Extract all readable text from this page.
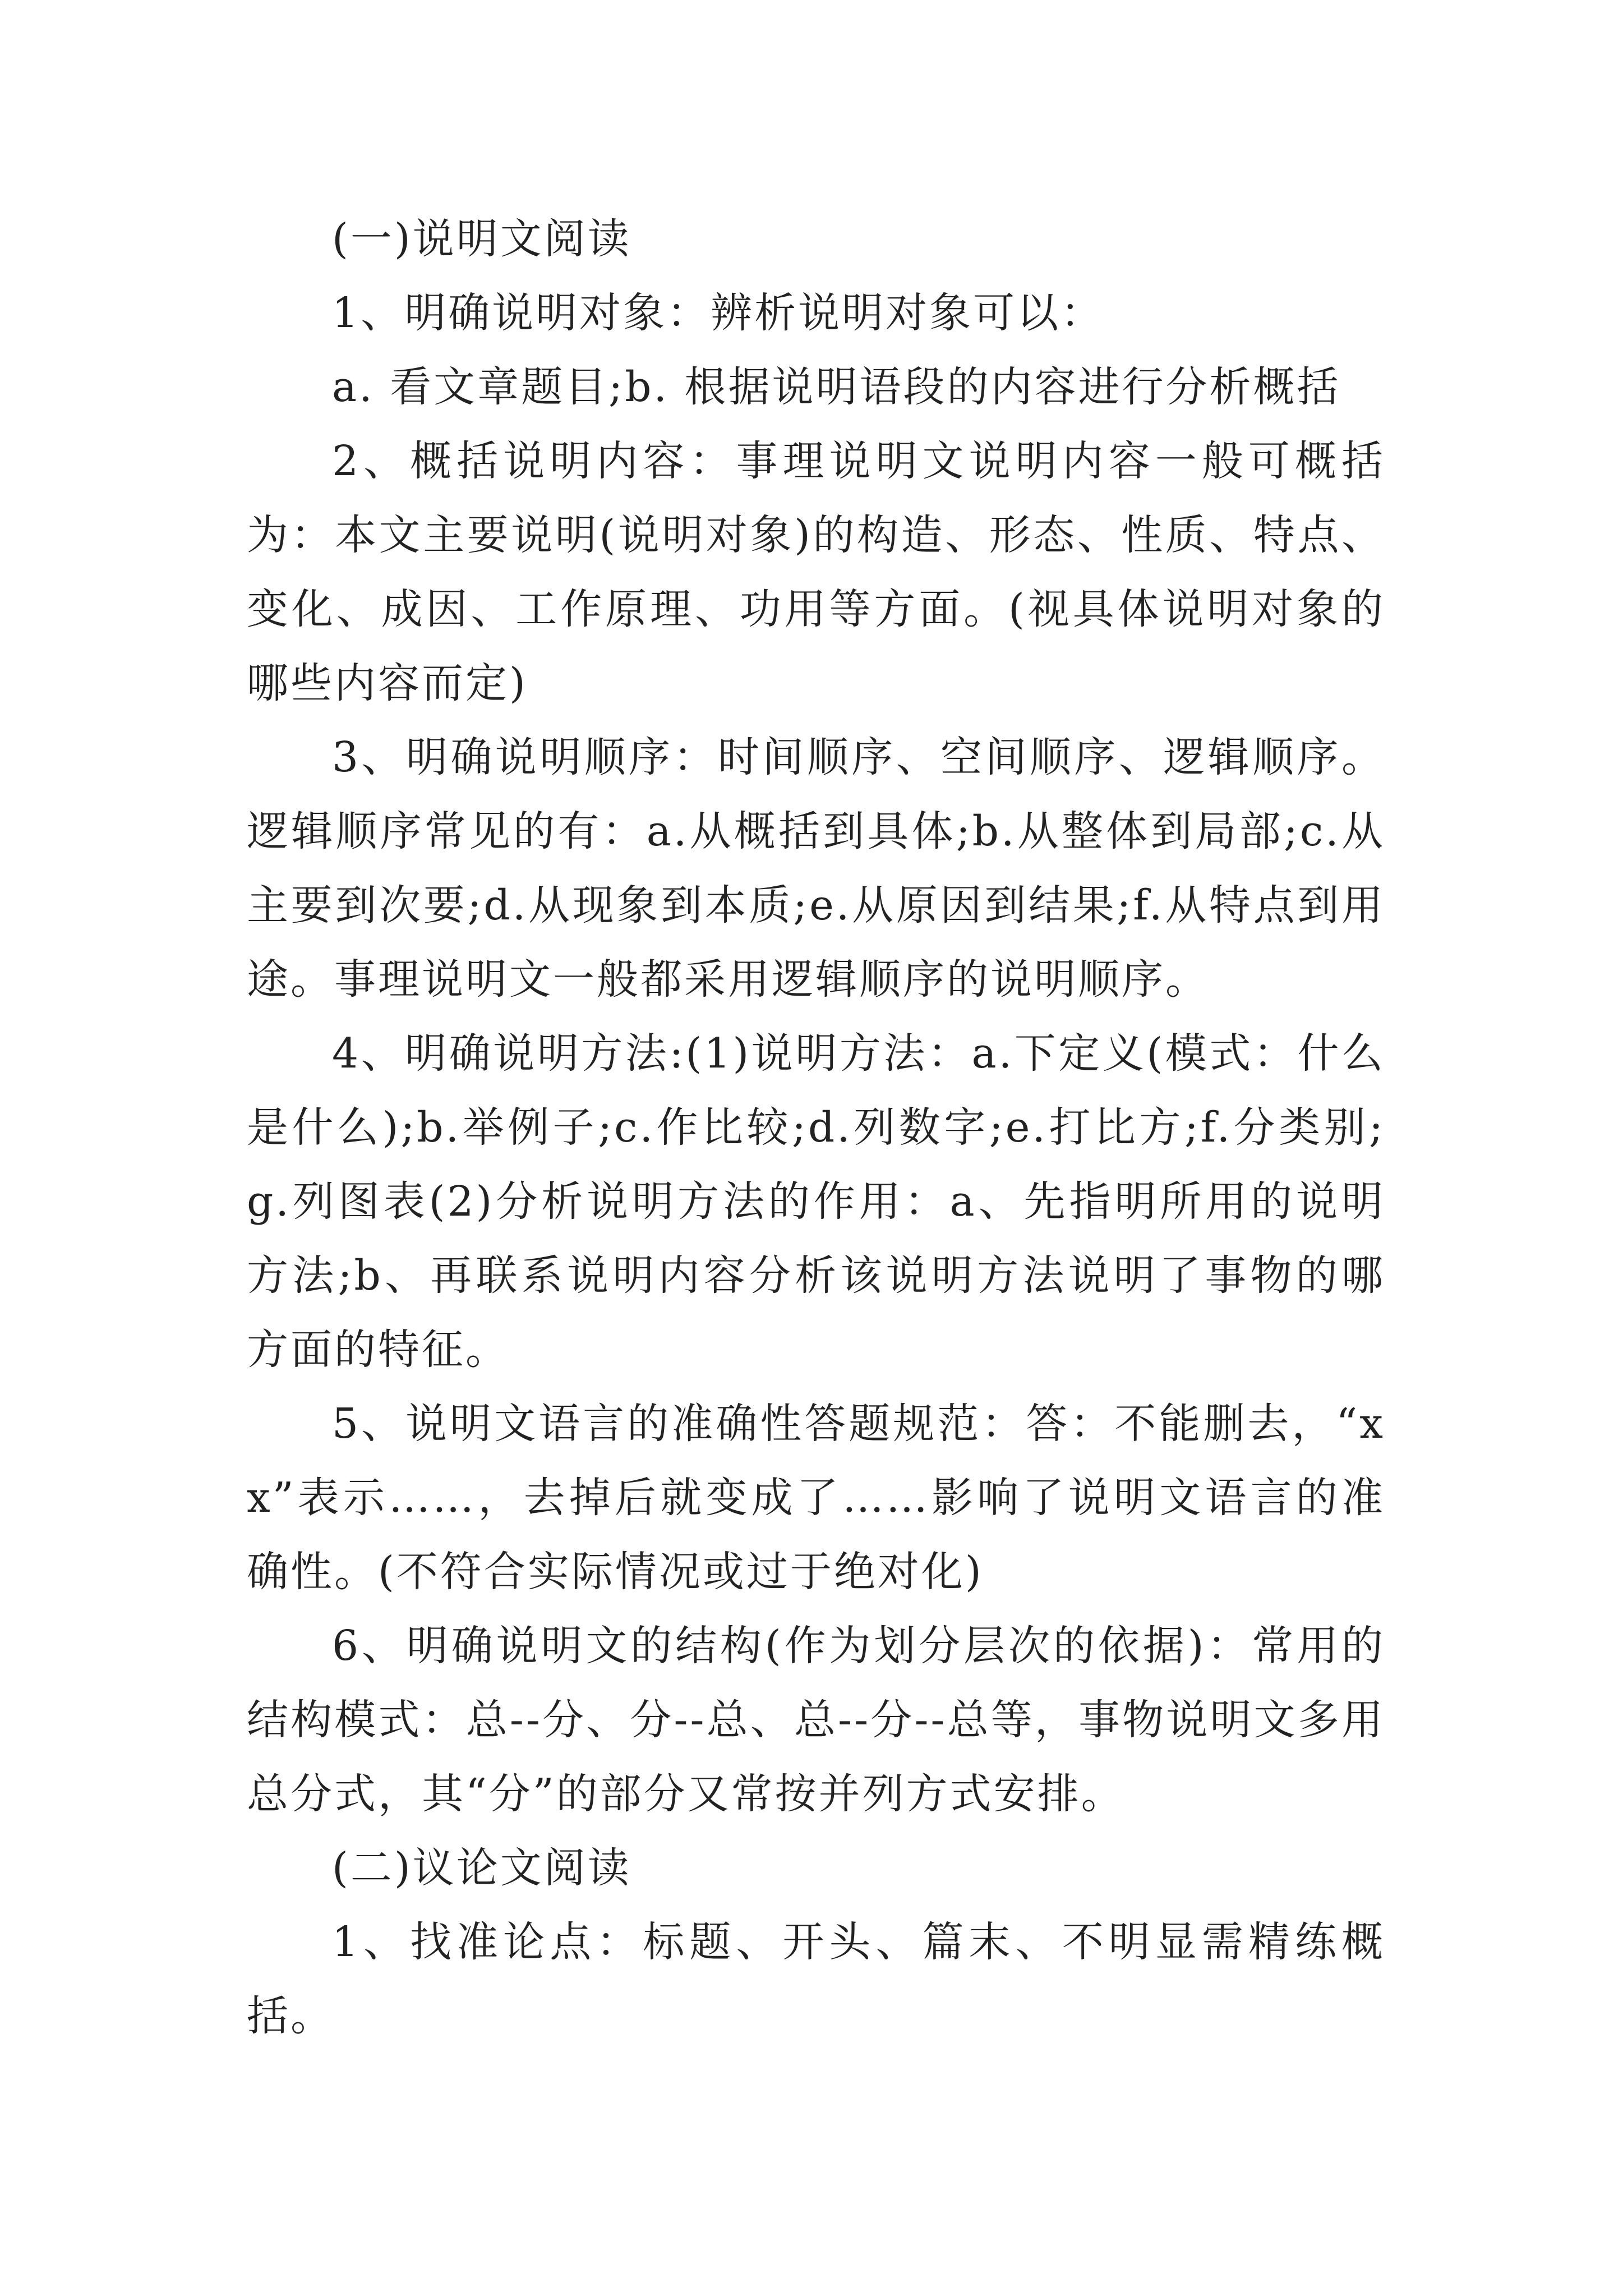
(一)说明文阅读

1、明确说明对象：辨析说明对象可以：

a. 看文章题目;b. 根据说明语段的内容进行分析概括

2、概括说明内容：事理说明文说明内容一般可概括为：本文主要说明(说明对象)的构造、形态、性质、特点、变化、成因、工作原理、功用等方面。(视具体说明对象的哪些内容而定)

3、明确说明顺序：时间顺序、空间顺序、逻辑顺序。逻辑顺序常见的有：a.从概括到具体;b.从整体到局部;c.从主要到次要;d.从现象到本质;e.从原因到结果;f.从特点到用途。事理说明文一般都采用逻辑顺序的说明顺序。

4、明确说明方法:(1)说明方法：a.下定义(模式：什么是什么);b.举例子;c.作比较;d.列数字;e.打比方;f.分类别;g.列图表(2)分析说明方法的作用：a、先指明所用的说明方法;b、再联系说明内容分析该说明方法说明了事物的哪方面的特征。

5、说明文语言的准确性答题规范：答：不能删去，“xx”表示……，去掉后就变成了……影响了说明文语言的准确性。(不符合实际情况或过于绝对化)

6、明确说明文的结构(作为划分层次的依据)：常用的结构模式：总--分、分--总、总--分--总等，事物说明文多用总分式，其“分”的部分又常按并列方式安排。

(二)议论文阅读

1、找准论点：标题、开头、篇末、不明显需精练概括。
